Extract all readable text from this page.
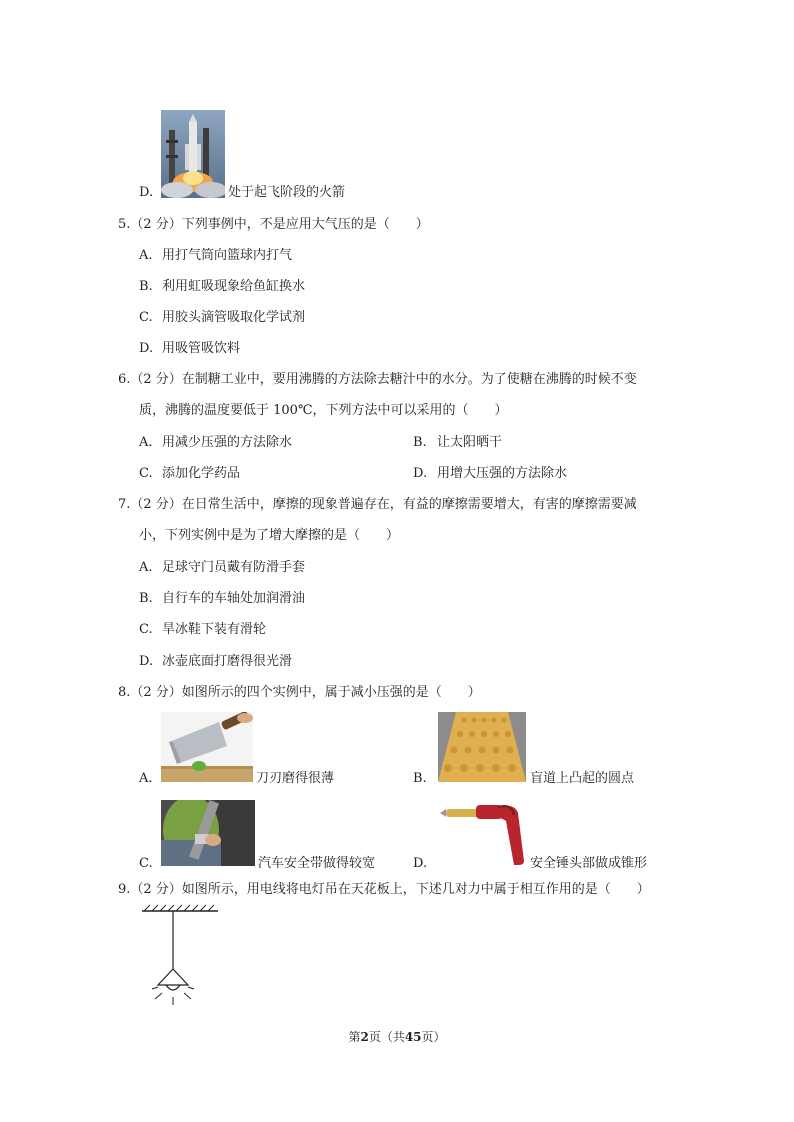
D.	处于起飞阶段的火箭
5.（2 分）下列事例中，不是应用大气压的是（　　）
A. 用打气筒向篮球内打气
B. 利用虹吸现象给鱼缸换水
C. 用胶头滴管吸取化学试剂
D. 用吸管吸饮料
6.（2 分）在制糖工业中，要用沸腾的方法除去糖汁中的水分。为了使糖在沸腾的时候不变
质，沸腾的温度要低于 100℃，下列方法中可以采用的（　　）
A. 用减少压强的方法除水	B. 让太阳晒干
C. 添加化学药品	D. 用增大压强的方法除水
7.（2 分）在日常生活中，摩擦的现象普遍存在，有益的摩擦需要增大，有害的摩擦需要减
小，下列实例中是为了增大摩擦的是（　　）
A. 足球守门员戴有防滑手套
B. 自行车的车轴处加润滑油
C. 旱冰鞋下装有滑轮
D. 冰壶底面打磨得很光滑
8.（2 分）如图所示的四个实例中，属于减小压强的是（　　）
A.	刀刃磨得很薄	B.	盲道上凸起的圆点
C.	汽车安全带做得较宽	D.	安全锤头部做成锥形
9.（2 分）如图所示，用电线将电灯吊在天花板上，下述几对力中属于相互作用的是（　　）
第2页（共45页）
